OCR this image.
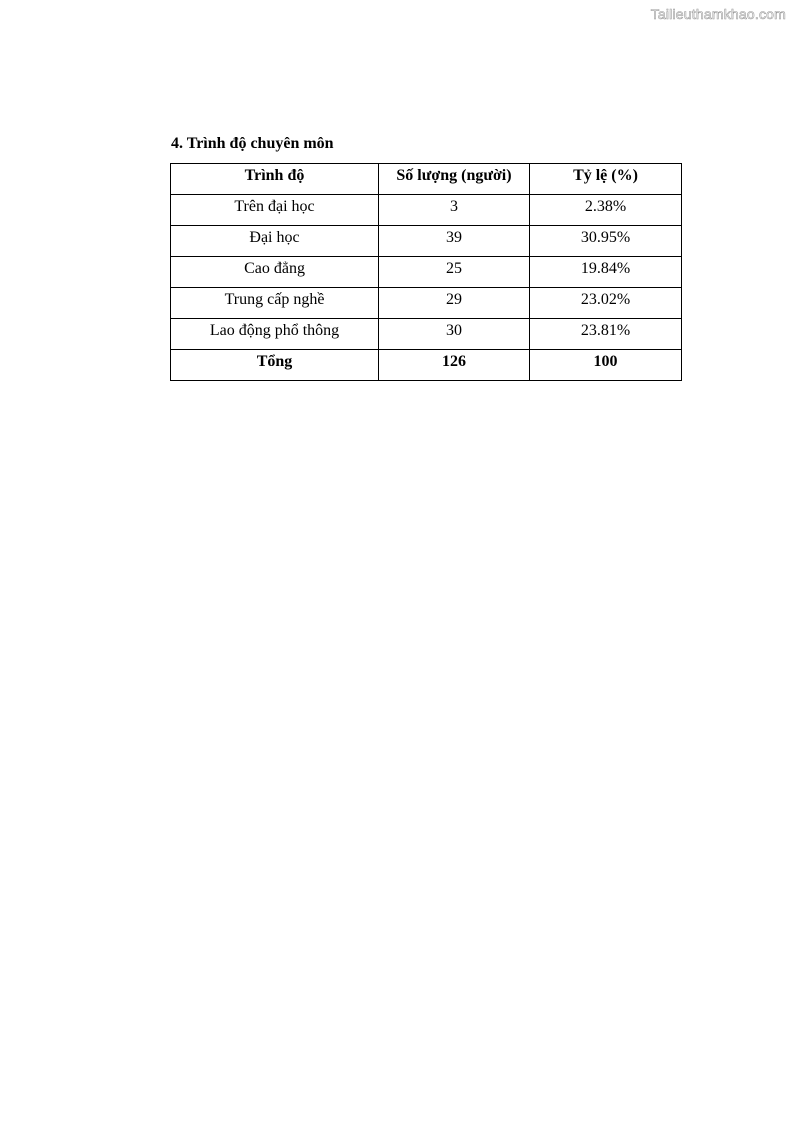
Tailieuthamkhao.com
4. Trình độ chuyên môn
Trình độ	Số lượng (người)	Tỷ lệ (%)
Trên đại học	3	2.38%
Đại học	39	30.95%
Cao đẳng	25	19.84%
Trung cấp nghề	29	23.02%
Lao động phổ thông	30	23.81%
Tổng	126	100
